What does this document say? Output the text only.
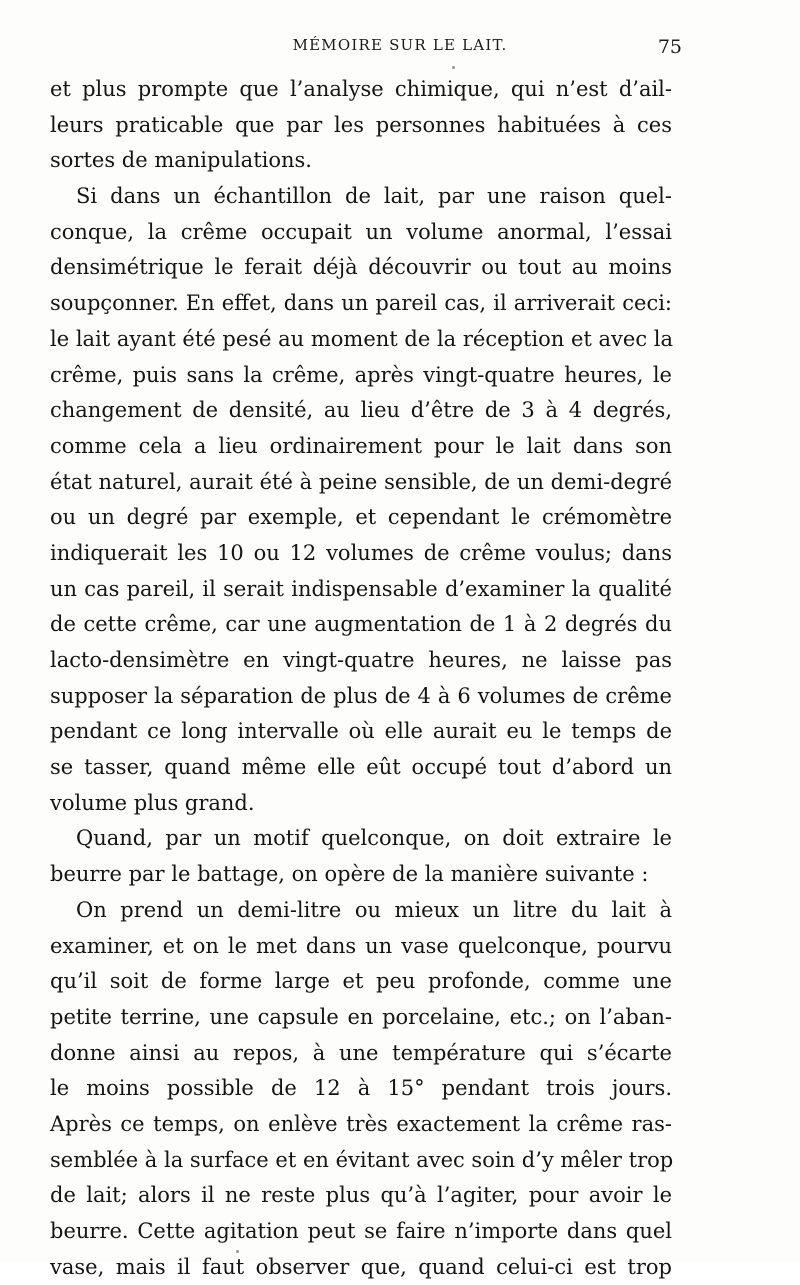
MÉMOIRE SUR LE LAIT.	75
et plus prompte que l’analyse chimique, qui n’est d’ail-
leurs praticable que par les personnes habituées à ces
sortes de manipulations.
Si dans un échantillon de lait, par une raison quel-
conque, la crême occupait un volume anormal, l’essai
densimétrique le ferait déjà découvrir ou tout au moins
soupçonner. En effet, dans un pareil cas, il arriverait ceci:
le lait ayant été pesé au moment de la réception et avec la
crême, puis sans la crême, après vingt-quatre heures, le
changement de densité, au lieu d’être de 3 à 4 degrés,
comme cela a lieu ordinairement pour le lait dans son
état naturel, aurait été à peine sensible, de un demi-degré
ou un degré par exemple, et cependant le crémomètre
indiquerait les 10 ou 12 volumes de crême voulus; dans
un cas pareil, il serait indispensable d’examiner la qualité
de cette crême, car une augmentation de 1 à 2 degrés du
lacto-densimètre en vingt-quatre heures, ne laisse pas
supposer la séparation de plus de 4 à 6 volumes de crême
pendant ce long intervalle où elle aurait eu le temps de
se tasser, quand même elle eût occupé tout d’abord un
volume plus grand.
Quand, par un motif quelconque, on doit extraire le
beurre par le battage, on opère de la manière suivante :
On prend un demi-litre ou mieux un litre du lait à
examiner, et on le met dans un vase quelconque, pourvu
qu’il soit de forme large et peu profonde, comme une
petite terrine, une capsule en porcelaine, etc.; on l’aban-
donne ainsi au repos, à une température qui s’écarte
le moins possible de 12 à 15° pendant trois jours.
Après ce temps, on enlève très exactement la crême ras-
semblée à la surface et en évitant avec soin d’y mêler trop
de lait; alors il ne reste plus qu’à l’agiter, pour avoir le
beurre. Cette agitation peut se faire n’importe dans quel
vase, mais il faut observer que, quand celui-ci est trop
